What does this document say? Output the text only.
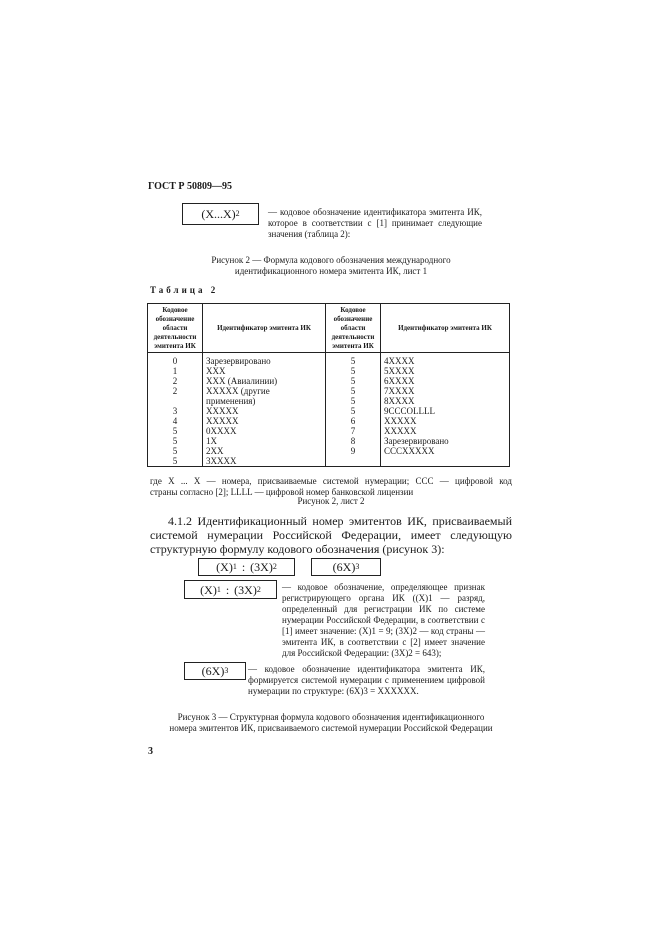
ГОСТ Р 50809—95
(X...X) 2	— кодовое обозначение идентификатора эмитента ИК, которое в соответствии с [1] принимает следующие значения (таблица 2):
Рисунок 2 — Формула кодового обозначения международного
идентификационного номера эмитента ИК, лист 1
Таблица 2
Кодовое обозначение области деятельности эмитента ИК	Идентификатор эмитента ИК	Кодовое обозначение области деятельности эмитента ИК	Идентификатор эмитента ИК
0	Зарезервировано	5	4XXXX
1	XXX	5	5XXXX
2	XXX (Авиалинии)	5	6XXXX
2	XXXXX (другие	5	7XXXX
	применения)	5	8XXXX
3	XXXXX	5	9CCCOLLLL
4	XXXXX	6	XXXXX
5	0XXXX	7	XXXXX
5	1X	8	Зарезервировано
5	2XX	9	CCCXXXXX
5	3XXXX		
где X ... X — номера, присваиваемые системой нумерации; CCC — цифровой код
страны согласно [2]; LLLL — цифровой номер банковской лицензии
Рисунок 2, лист 2
4.1.2 Идентификационный номер эмитентов ИК, присваиваемый системой нумерации Российской Федерации, имеет следующую структурную формулу кодового обозначения (рисунок 3):
(X) 1 : (3X) 2	(6X) 3
(X) 1 : (3X) 2 — кодовое обозначение, определяющее признак регистрирующего органа ИК ((X)1 — разряд, определенный для регистрации ИК по системе нумерации Российской Федерации, в соответствии с [1] имеет значение: (X)1 = 9; (3X)2 — код страны — эмитента ИК, в соответствии с [2] имеет значение для Российской Федерации: (3X)2 = 643);
(6X) 3 — кодовое обозначение идентификатора эмитента ИК, формируется системой нумерации с применением цифровой нумерации по структуре: (6X)3 = XXXXXX.
Рисунок 3 — Структурная формула кодового обозначения идентификационного
номера эмитентов ИК, присваиваемого системой нумерации Российской Федерации
3
